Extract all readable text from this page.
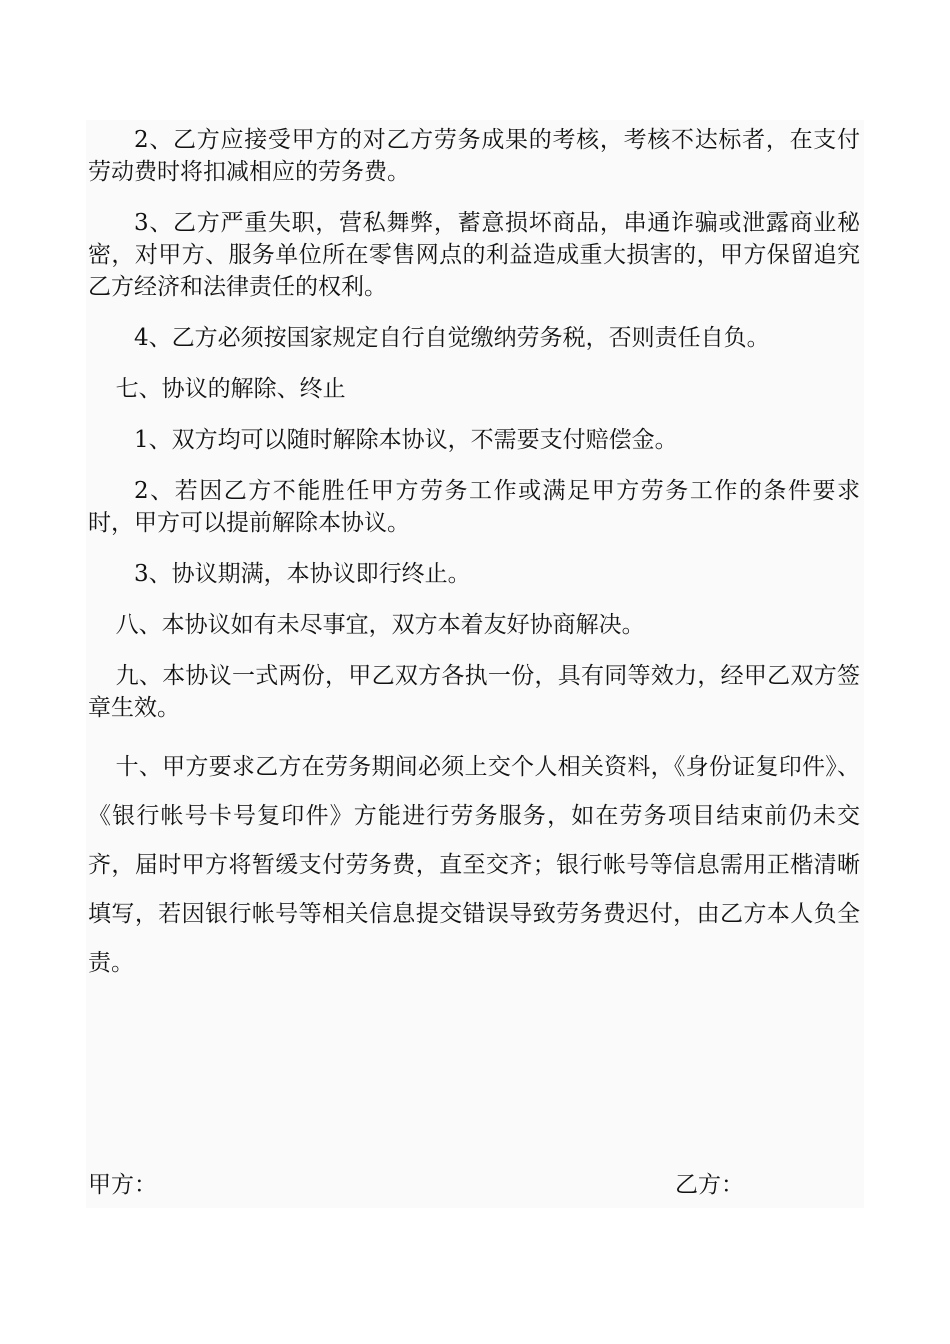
2、乙方应接受甲方的对乙方劳务成果的考核，考核不达标者，在支付劳动费时将扣减相应的劳务费。

3、乙方严重失职，营私舞弊，蓄意损坏商品，串通诈骗或泄露商业秘密，对甲方、服务单位所在零售网点的利益造成重大损害的，甲方保留追究乙方经济和法律责任的权利。

4、乙方必须按国家规定自行自觉缴纳劳务税，否则责任自负。

七、协议的解除、终止

1、双方均可以随时解除本协议，不需要支付赔偿金。

2、若因乙方不能胜任甲方劳务工作或满足甲方劳务工作的条件要求时，甲方可以提前解除本协议。

3、协议期满，本协议即行终止。

八、本协议如有未尽事宜，双方本着友好协商解决。

九、本协议一式两份，甲乙双方各执一份，具有同等效力，经甲乙双方签章生效。

十、甲方要求乙方在劳务期间必须上交个人相关资料，《身份证复印件》、《银行帐号卡号复印件》方能进行劳务服务，如在劳务项目结束前仍未交齐，届时甲方将暂缓支付劳务费，直至交齐；银行帐号等信息需用正楷清晰填写，若因银行帐号等相关信息提交错误导致劳务费迟付，由乙方本人负全责。

甲方：	乙方：
